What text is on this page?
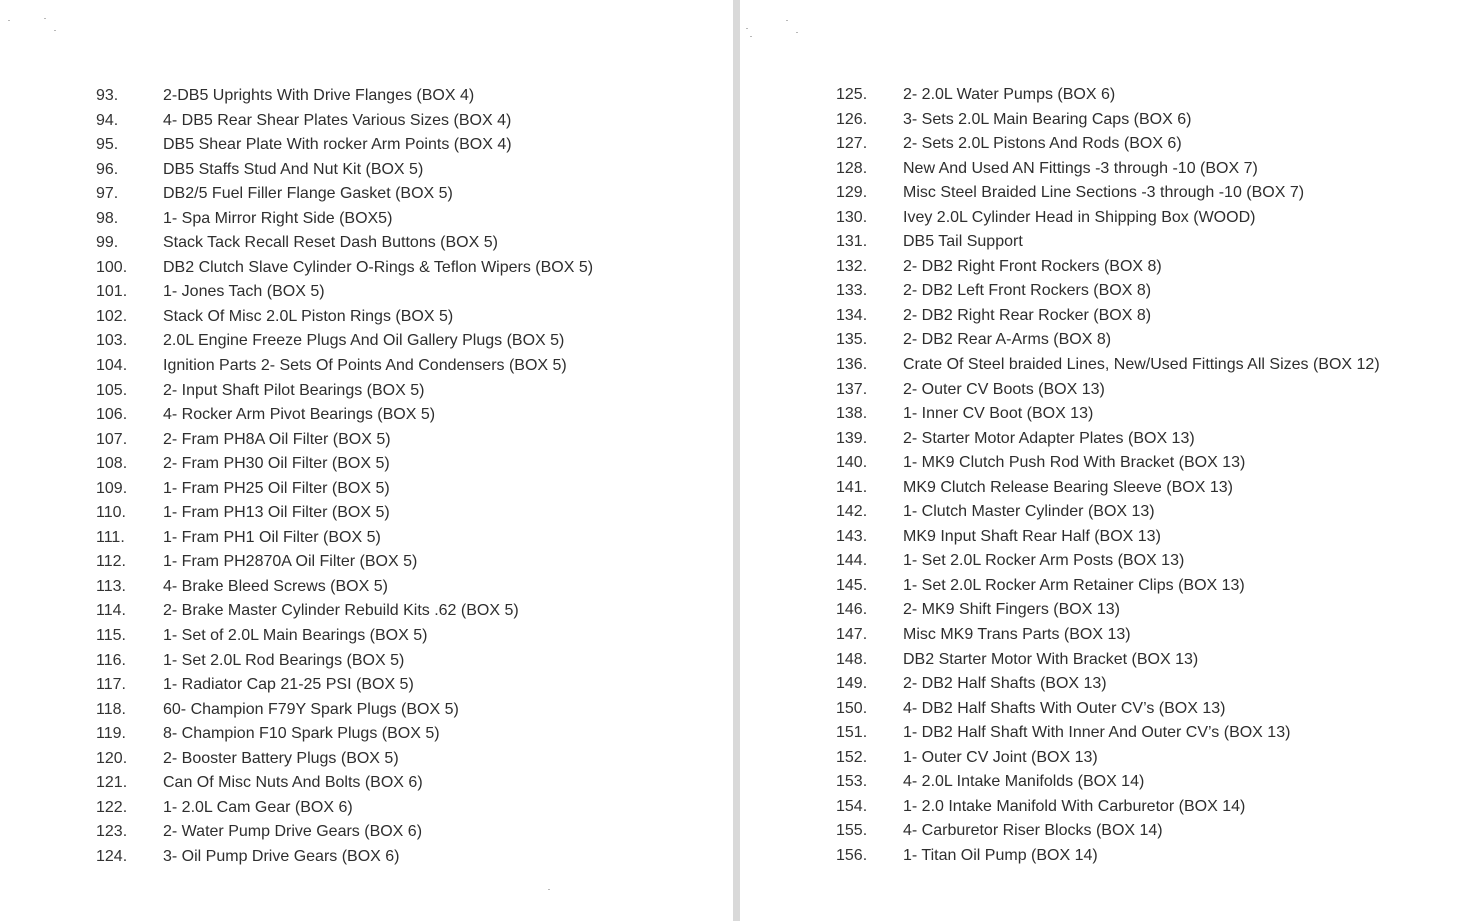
93.	2-DB5 Uprights With Drive Flanges (BOX 4)
94.	4- DB5 Rear Shear Plates Various Sizes (BOX 4)
95.	DB5 Shear Plate With rocker Arm Points (BOX 4)
96.	DB5 Staffs Stud And Nut Kit (BOX 5)
97.	DB2/5 Fuel Filler Flange Gasket (BOX 5)
98.	1- Spa Mirror Right Side (BOX5)
99.	Stack Tack Recall Reset Dash Buttons (BOX 5)
100.	DB2 Clutch Slave Cylinder O-Rings & Teflon Wipers (BOX 5)
101.	1- Jones Tach (BOX 5)
102.	Stack Of Misc 2.0L Piston Rings (BOX 5)
103.	2.0L Engine Freeze Plugs And Oil Gallery Plugs (BOX 5)
104.	Ignition Parts 2- Sets Of Points And Condensers (BOX 5)
105.	2- Input Shaft Pilot Bearings (BOX 5)
106.	4- Rocker Arm Pivot Bearings (BOX 5)
107.	2- Fram PH8A Oil Filter (BOX 5)
108.	2- Fram PH30 Oil Filter (BOX 5)
109.	1- Fram PH25 Oil Filter (BOX 5)
110.	1- Fram PH13 Oil Filter (BOX 5)
111.	1- Fram PH1 Oil Filter (BOX 5)
112.	1- Fram PH2870A Oil Filter (BOX 5)
113.	4- Brake Bleed Screws (BOX 5)
114.	2- Brake Master Cylinder Rebuild Kits .62 (BOX 5)
115.	1- Set of 2.0L Main Bearings (BOX 5)
116.	1- Set 2.0L Rod Bearings (BOX 5)
117.	1- Radiator Cap 21-25 PSI (BOX 5)
118.	60- Champion F79Y Spark Plugs (BOX 5)
119.	8- Champion F10 Spark Plugs (BOX 5)
120.	2- Booster Battery Plugs (BOX 5)
121.	Can Of Misc Nuts And Bolts (BOX 6)
122.	1- 2.0L Cam Gear (BOX 6)
123.	2- Water Pump Drive Gears (BOX 6)
124.	3- Oil Pump Drive Gears (BOX 6)
125.	2- 2.0L Water Pumps (BOX 6)
126.	3- Sets 2.0L Main Bearing Caps (BOX 6)
127.	2- Sets 2.0L Pistons And Rods (BOX 6)
128.	New And Used AN Fittings -3 through -10 (BOX 7)
129.	Misc Steel Braided Line Sections -3 through -10 (BOX 7)
130.	Ivey 2.0L Cylinder Head in Shipping Box (WOOD)
131.	DB5 Tail Support
132.	2- DB2 Right Front Rockers (BOX 8)
133.	2- DB2 Left Front Rockers (BOX 8)
134.	2- DB2 Right Rear Rocker (BOX 8)
135.	2- DB2 Rear A-Arms (BOX 8)
136.	Crate Of Steel braided Lines, New/Used Fittings All Sizes (BOX 12)
137.	2- Outer CV Boots (BOX 13)
138.	1- Inner CV Boot (BOX 13)
139.	2- Starter Motor Adapter Plates (BOX 13)
140.	1- MK9 Clutch Push Rod With Bracket (BOX 13)
141.	MK9 Clutch Release Bearing Sleeve (BOX 13)
142.	1- Clutch Master Cylinder (BOX 13)
143.	MK9 Input Shaft Rear Half (BOX 13)
144.	1- Set 2.0L Rocker Arm Posts (BOX 13)
145.	1- Set 2.0L Rocker Arm Retainer Clips (BOX 13)
146.	2- MK9 Shift Fingers (BOX 13)
147.	Misc MK9 Trans Parts (BOX 13)
148.	DB2 Starter Motor With Bracket (BOX 13)
149.	2- DB2 Half Shafts (BOX 13)
150.	4- DB2 Half Shafts With Outer CV’s (BOX 13)
151.	1- DB2 Half Shaft With Inner And Outer CV’s (BOX 13)
152.	1- Outer CV Joint (BOX 13)
153.	4- 2.0L Intake Manifolds (BOX 14)
154.	1- 2.0 Intake Manifold With Carburetor (BOX 14)
155.	4- Carburetor Riser Blocks (BOX 14)
156.	1- Titan Oil Pump (BOX 14)
